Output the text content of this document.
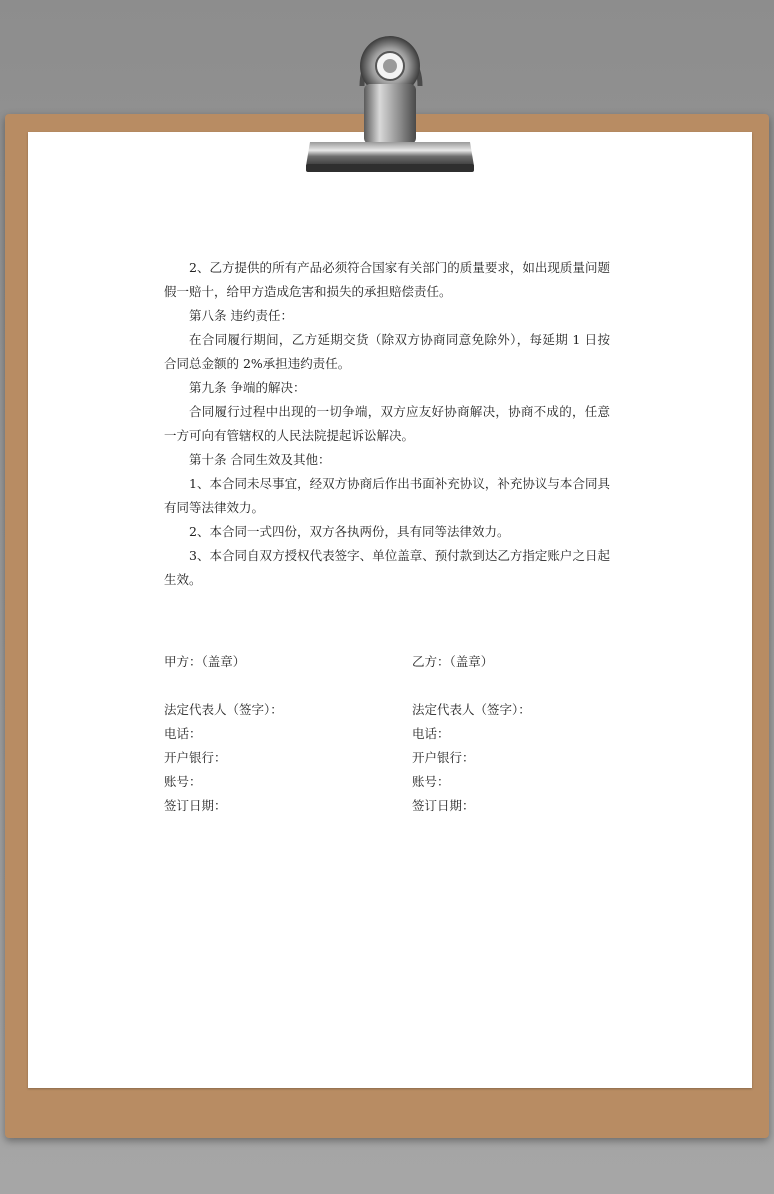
2、乙方提供的所有产品必须符合国家有关部门的质量要求，如出现质量问题假一赔十，给甲方造成危害和损失的承担赔偿责任。

第八条 违约责任：

在合同履行期间，乙方延期交货（除双方协商同意免除外），每延期 1 日按合同总金额的 2%承担违约责任。

第九条 争端的解决：

合同履行过程中出现的一切争端，双方应友好协商解决，协商不成的，任意一方可向有管辖权的人民法院提起诉讼解决。

第十条 合同生效及其他：

1、本合同未尽事宜，经双方协商后作出书面补充协议，补充协议与本合同具有同等法律效力。

2、本合同一式四份，双方各执两份，具有同等法律效力。

3、本合同自双方授权代表签字、单位盖章、预付款到达乙方指定账户之日起生效。

甲方：（盖章）
法定代表人（签字）：
电话：
开户银行：
账号：
签订日期：
乙方：（盖章）
法定代表人（签字）：
电话：
开户银行：
账号：
签订日期：
